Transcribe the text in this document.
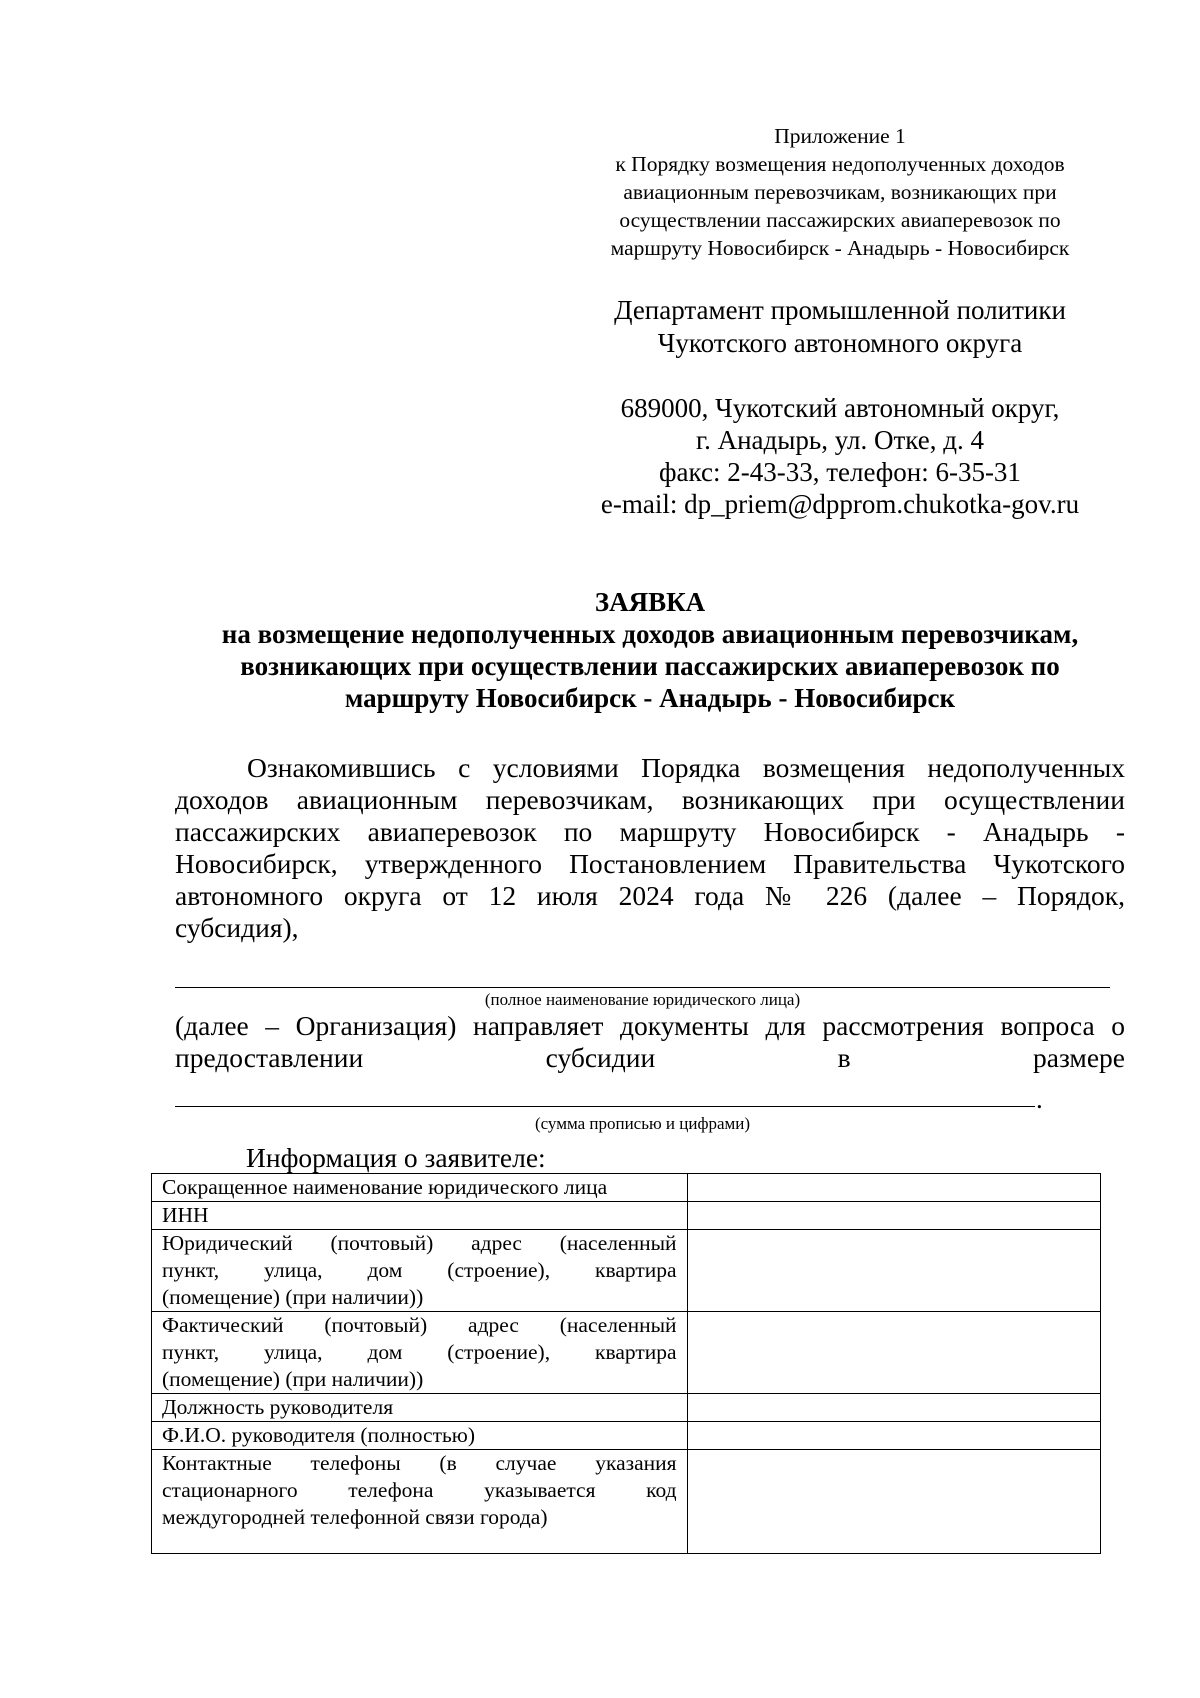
Приложение 1
к Порядку возмещения недополученных доходов
авиационным перевозчикам, возникающих при
осуществлении пассажирских авиаперевозок по
маршруту Новосибирск - Анадырь - Новосибирск
Департамент промышленной политики
Чукотского автономного округа
689000, Чукотский автономный округ,
г. Анадырь, ул. Отке, д. 4
факс: 2-43-33, телефон: 6-35-31
e-mail: dp_priem@dpprom.chukotka-gov.ru
ЗАЯВКА
на возмещение недополученных доходов авиационным перевозчикам,
возникающих при осуществлении пассажирских авиаперевозок по
маршруту Новосибирск - Анадырь - Новосибирск
Ознакомившись с условиями Порядка возмещения недополученных
доходов авиационным перевозчикам, возникающих при осуществлении
пассажирских авиаперевозок по маршруту Новосибирск - Анадырь -
Новосибирск, утвержденного Постановлением Правительства Чукотского
автономного округа от 12 июля 2024 года № 226 (далее – Порядок,
субсидия),
(полное наименование юридического лица)
(далее – Организация) направляет документы для рассмотрения вопроса о
предоставлении субсидии в размере
.
(сумма прописью и цифрами)
Информация о заявителе:
Сокращенное наименование юридического лица	

ИНН	

Юридический (почтовый) адрес (населенный
пункт, улица, дом (строение), квартира
(помещение) (при наличии))	

Фактический (почтовый) адрес (населенный
пункт, улица, дом (строение), квартира
(помещение) (при наличии))	

Должность руководителя	

Ф.И.О. руководителя (полностью)	

Контактные телефоны (в случае указания
стационарного телефона указывается код
междугородней телефонной связи города)	
